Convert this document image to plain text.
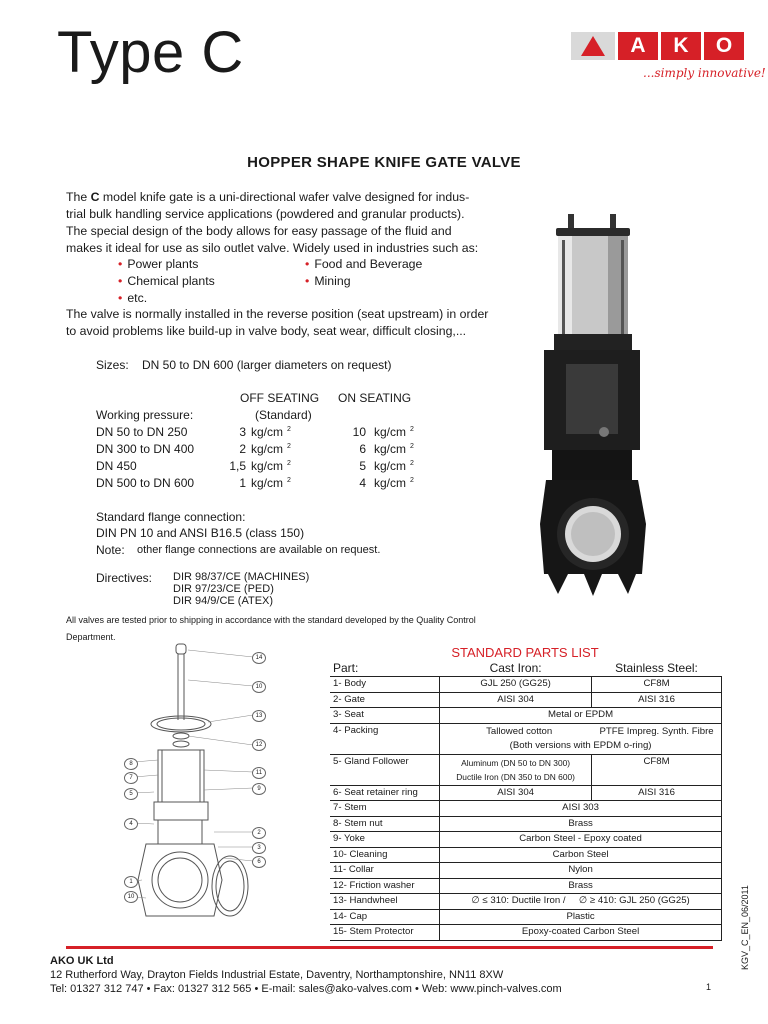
Type C	A	K	O
...simply innovative!
HOPPER SHAPE KNIFE GATE VALVE
The C model knife gate is a uni-directional wafer valve designed for indus-
trial bulk handling service applications (powdered and granular products).
The special design of the body allows for easy passage of the fluid and
makes it ideal for use as silo outlet valve. Widely used in industries such as:
• Power plants	• Food and Beverage
• Chemical plants	• Mining
• etc.
The valve is normally installed in the reverse position (seat upstream) in order
to avoid problems like build-up in valve body, seat wear, difficult closing,...
Sizes: DN 50 to DN 600 (larger diameters on request)
OFF SEATING ON SEATING
Working pressure:	(Standard)
DN 50 to DN 250	3 kg/cm $^2$	10 kg/cm $^2$
DN 300 to DN 400	2 kg/cm $^2$	6 kg/cm $^2$
DN 450	1,5 kg/cm $^2$	5 kg/cm $^2$
DN 500 to DN 600	1 kg/cm $^2$	4 kg/cm $^2$
Standard flange connection:
DIN PN 10 and ANSI B16.5 (class 150)
Note: other flange connections are available on request.
Directives: DIR 98/37/CE (MACHINES)
DIR 97/23/CE (PED)
DIR 94/9/CE (ATEX)
All valves are tested prior to shipping in accordance with the standard developed by the Quality Control Department.
14
10
13
12
11
9
8
7
5
4
2
3
6
1
10
STANDARD PARTS LIST
Part:	Cast Iron:	Stainless Steel:
1- Body	GJL 250 (GG25)	CF8M
2- Gate	AISI 304	AISI 316
3- Seat	Metal or EPDM	
4- Packing	Tallowed cotton PTFE Impreg. Synth. Fibre
(Both versions with EPDM o-ring)	

5- Gland Follower	Aluminum (DN 50 to DN 300)
Ductile Iron (DN 350 to DN 600)	CF8M
6- Seat retainer ring	AISI 304	AISI 316
7- Stem	AISI 303	
8- Stem nut	Brass	
9- Yoke	Carbon Steel - Epoxy coated	
10- Cleaning	Carbon Steel	
11- Collar	Nylon	
12- Friction washer	Brass	
13- Handwheel	∅ ≤ 310: Ductile Iron /     ∅ ≥ 410: GJL 250 (GG25)	
14- Cap	Plastic	
15- Stem Protector	Epoxy-coated Carbon Steel	
AKO UK Ltd
12 Rutherford Way, Drayton Fields Industrial Estate, Daventry, Northamptonshire, NN11 8XW
Tel: 01327 312 747 • Fax: 01327 312 565 • E-mail: sales@ako-valves.com • Web: www.pinch-valves.com	1
KGV_C_EN_06/2011
